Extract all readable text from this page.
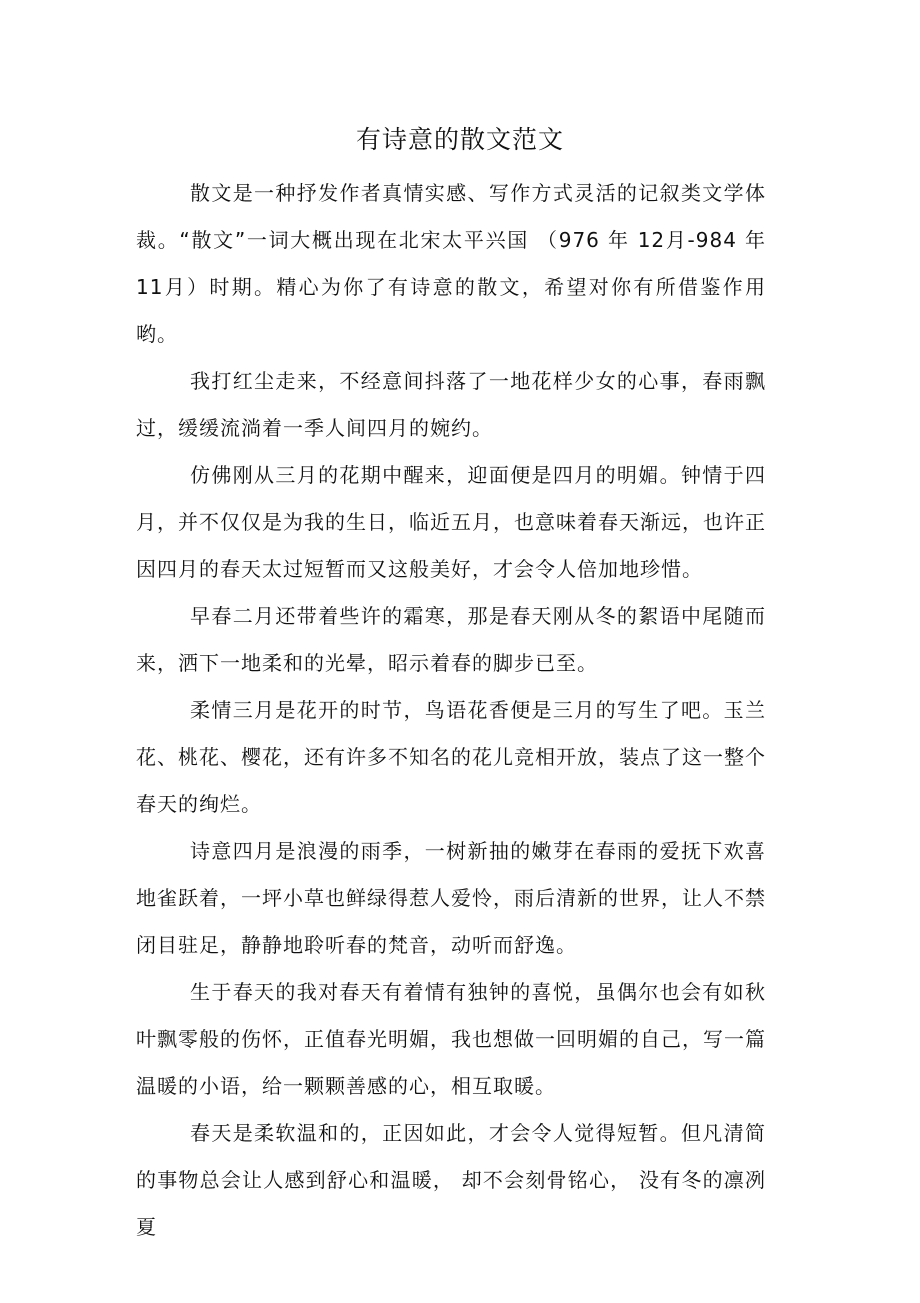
有诗意的散文范文

散文是一种抒发作者真情实感、写作方式灵活的记叙类文学体裁。“散文”一词大概出现在北宋太平兴国 （976 年 12月-984 年 11月）时期。精心为你了有诗意的散文，希望对你有所借鉴作用哟。

我打红尘走来，不经意间抖落了一地花样少女的心事，春雨飘过，缓缓流淌着一季人间四月的婉约。

仿佛刚从三月的花期中醒来，迎面便是四月的明媚。钟情于四月，并不仅仅是为我的生日，临近五月，也意味着春天渐远，也许正因四月的春天太过短暂而又这般美好，才会令人倍加地珍惜。

早春二月还带着些许的霜寒，那是春天刚从冬的絮语中尾随而来，洒下一地柔和的光晕，昭示着春的脚步已至。

柔情三月是花开的时节，鸟语花香便是三月的写生了吧。玉兰花、桃花、樱花，还有许多不知名的花儿竞相开放，装点了这一整个春天的绚烂。

诗意四月是浪漫的雨季，一树新抽的嫩芽在春雨的爱抚下欢喜地雀跃着，一坪小草也鲜绿得惹人爱怜，雨后清新的世界，让人不禁闭目驻足，静静地聆听春的梵音，动听而舒逸。

生于春天的我对春天有着情有独钟的喜悦，虽偶尔也会有如秋叶飘零般的伤怀，正值春光明媚，我也想做一回明媚的自己，写一篇温暖的小语，给一颗颗善感的心，相互取暖。

春天是柔软温和的，正因如此，才会令人觉得短暂。但凡清简的事物总会让人感到舒心和温暖， 却不会刻骨铭心， 没有冬的凛冽夏
